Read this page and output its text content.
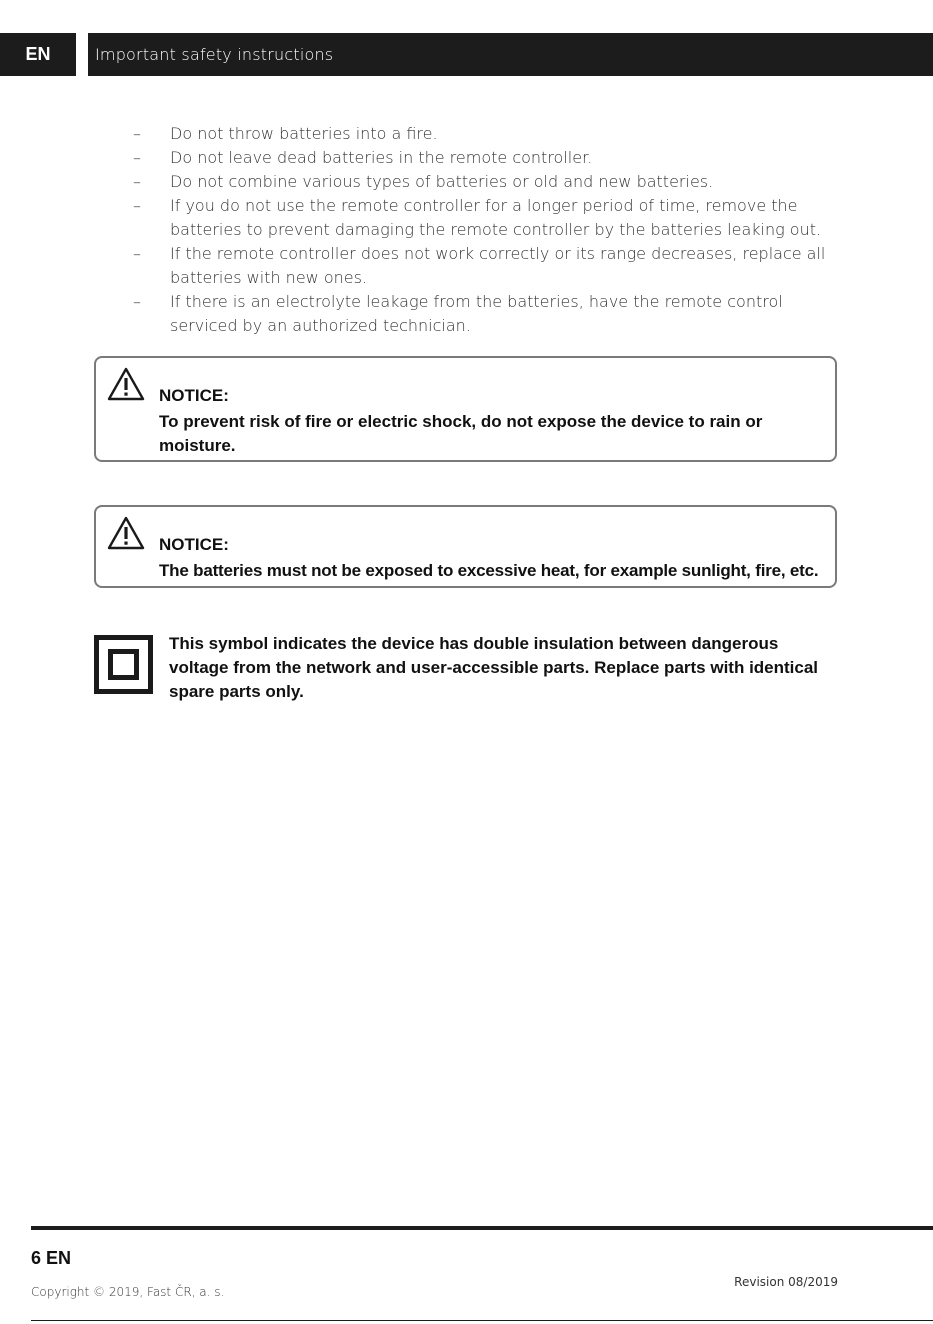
EN	Important safety instructions
– Do not throw batteries into a fire.
– Do not leave dead batteries in the remote controller.
– Do not combine various types of batteries or old and new batteries.
– If you do not use the remote controller for a longer period of time, remove the batteries to prevent damaging the remote controller by the batteries leaking out.
– If the remote controller does not work correctly or its range decreases, replace all batteries with new ones.
– If there is an electrolyte leakage from the batteries, have the remote control serviced by an authorized technician.
NOTICE:
To prevent risk of fire or electric shock, do not expose the device to rain or moisture.
NOTICE:
The batteries must not be exposed to excessive heat, for example sunlight, fire, etc.
This symbol indicates the device has double insulation between dangerous voltage from the network and user-accessible parts. Replace parts with identical spare parts only.
6 EN
Copyright © 2019, Fast ČR, a. s.
Revision 08/2019
